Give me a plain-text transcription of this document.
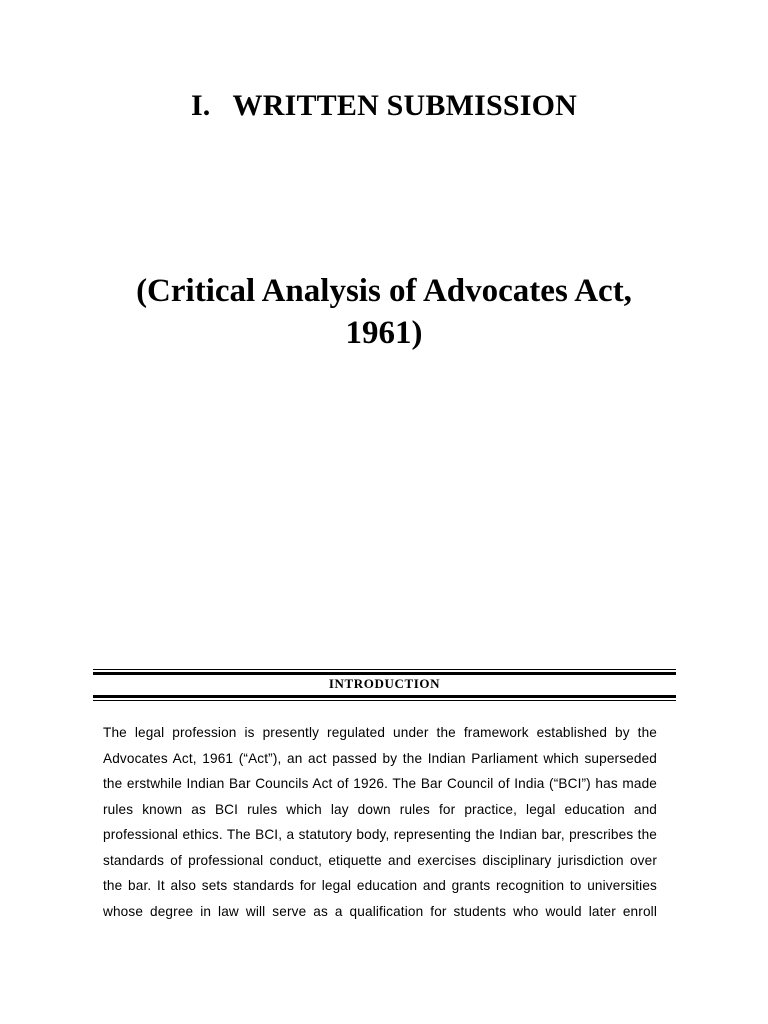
I. WRITTEN SUBMISSION
(Critical Analysis of Advocates Act, 1961)
INTRODUCTION

The legal profession is presently regulated under the framework established by the Advocates Act, 1961 (“Act”), an act passed by the Indian Parliament which superseded the erstwhile Indian Bar Councils Act of 1926. The Bar Council of India (“BCI”) has made rules known as BCI rules which lay down rules for practice, legal education and professional ethics. The BCI, a statutory body, representing the Indian bar, prescribes the standards of professional conduct, etiquette and exercises disciplinary jurisdiction over the bar. It also sets standards for legal education and grants recognition to universities whose degree in law will serve as a qualification for students who would later enroll
